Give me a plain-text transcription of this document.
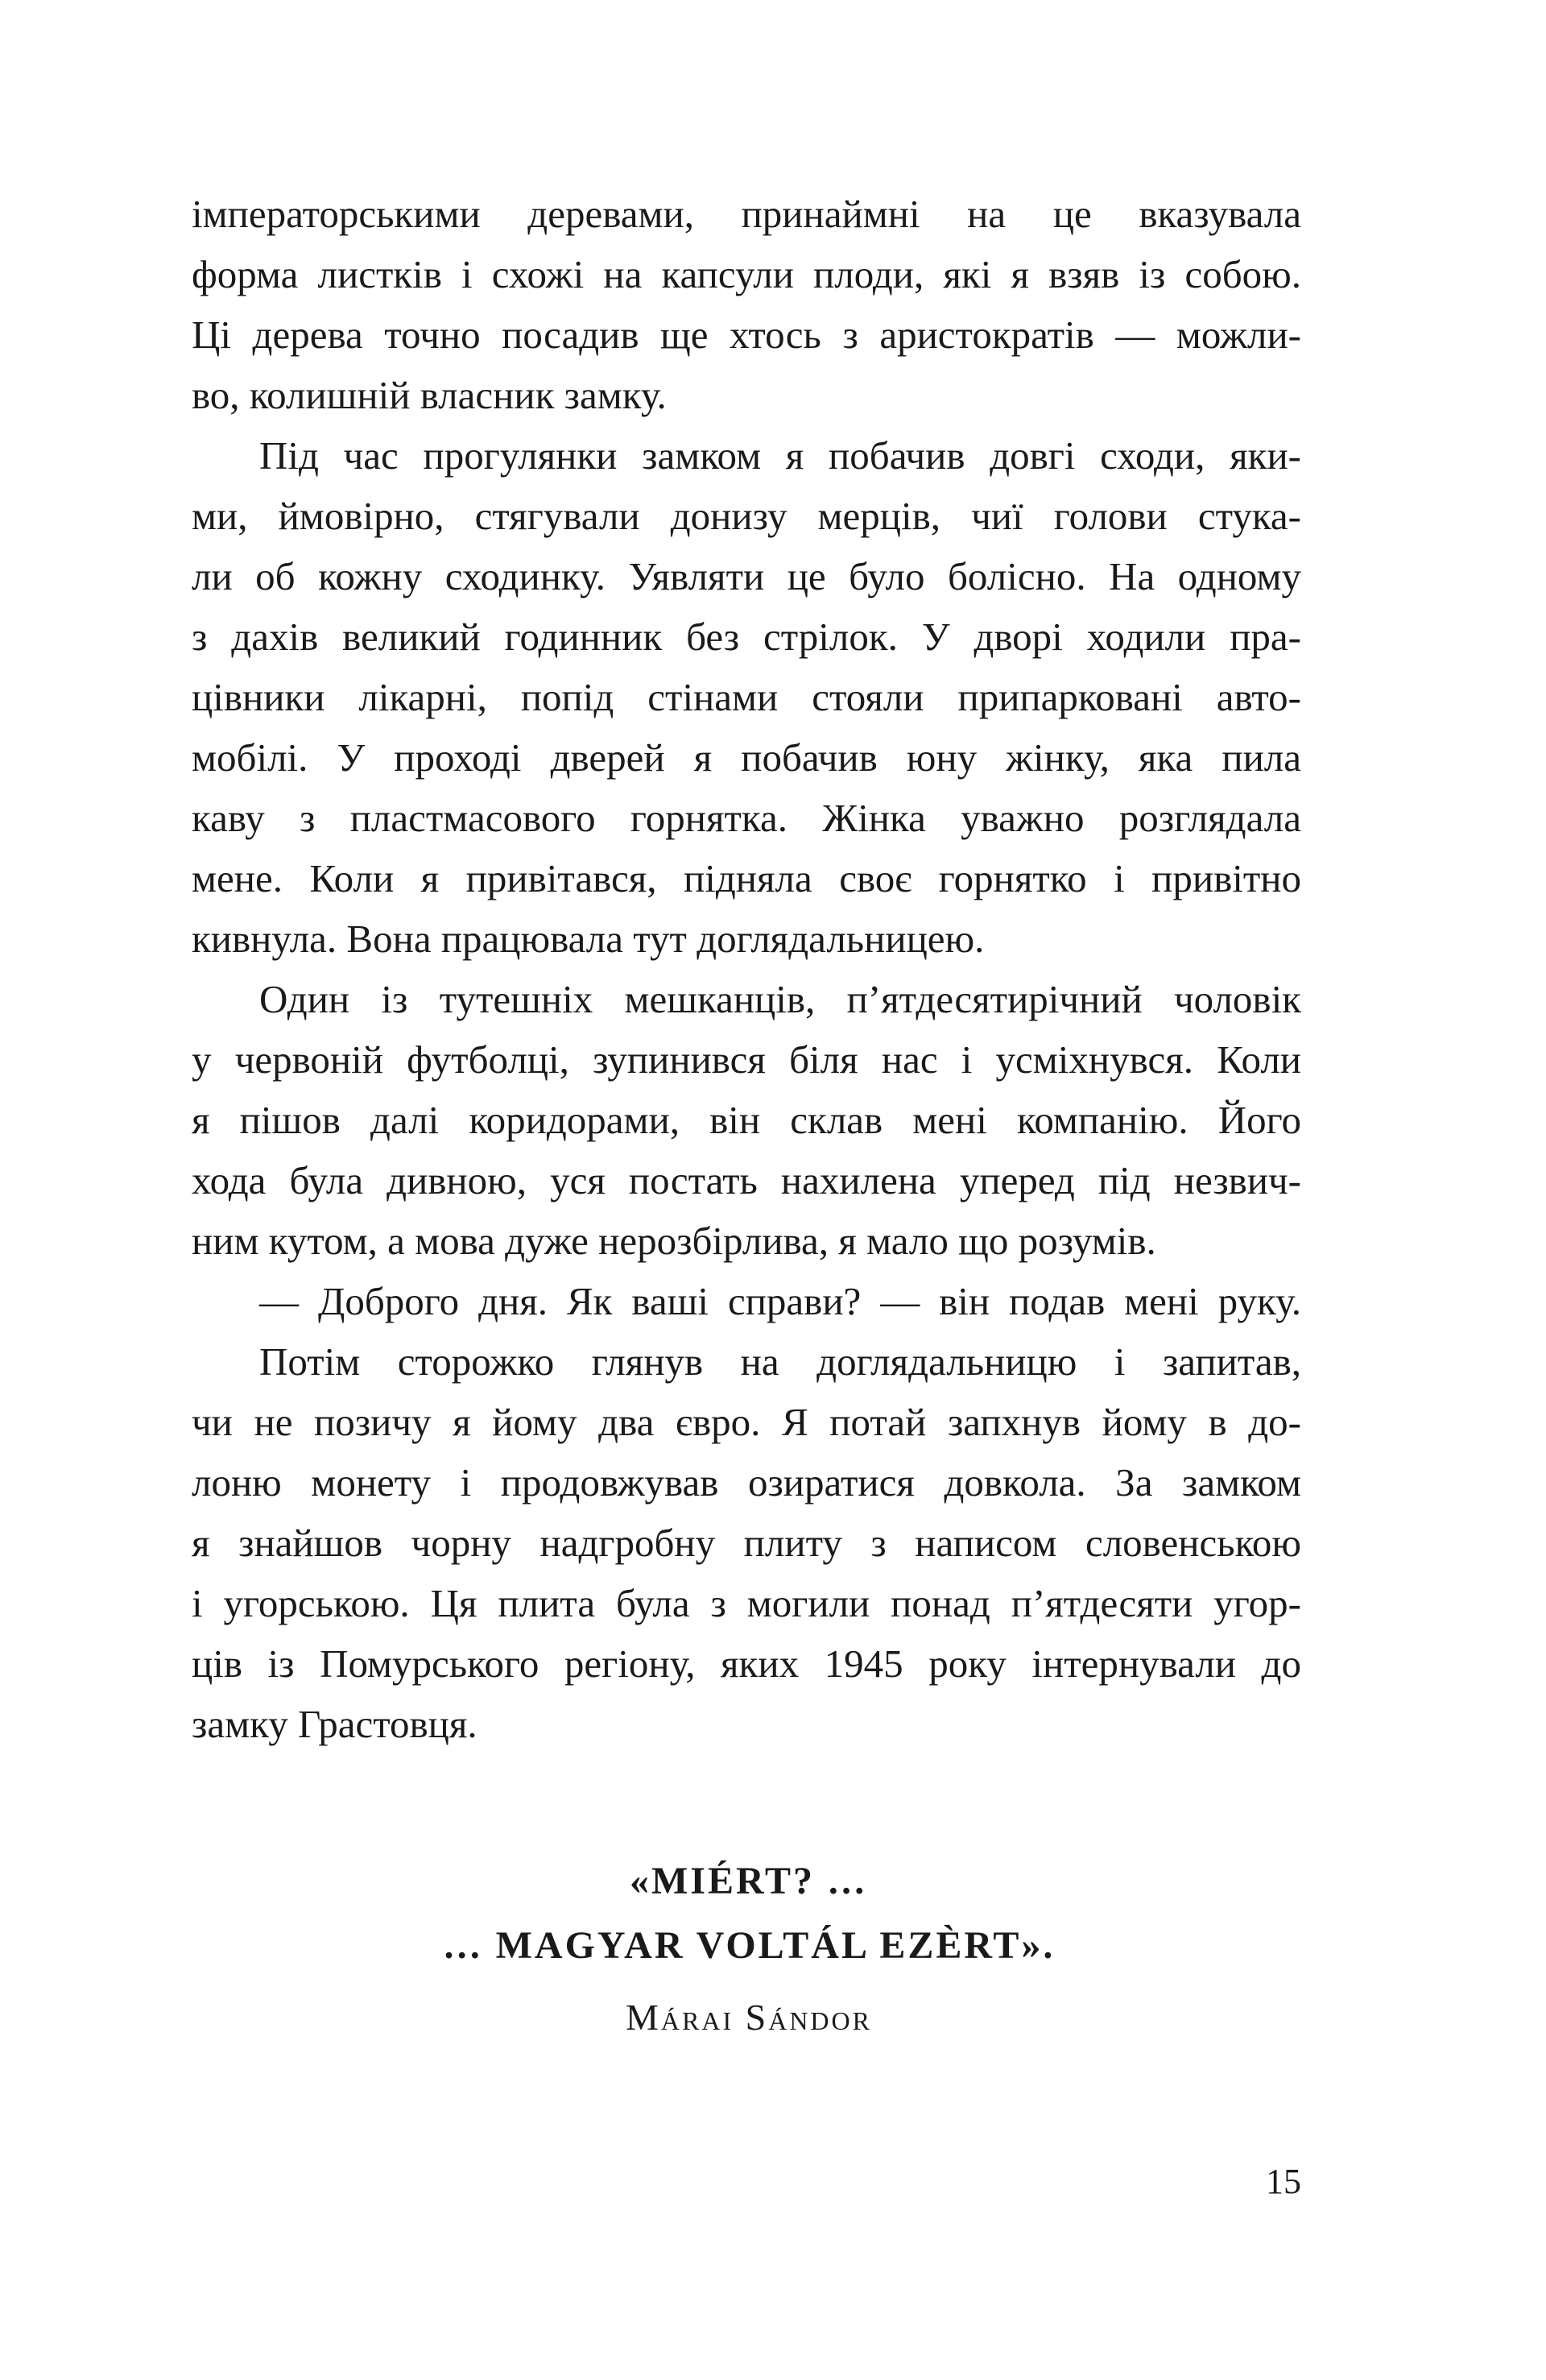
імператорськими деревами, принаймні на це вказувала
форма листків і схожі на капсули плоди, які я взяв із собою.
Ці дерева точно посадив ще хтось з аристократів — можли-
во, колишній власник замку.
Під час прогулянки замком я побачив довгі сходи, яки-
ми, ймовірно, стягували донизу мерців, чиї голови стука-
ли об кожну сходинку. Уявляти це було болісно. На одному
з дахів великий годинник без стрілок. У дворі ходили пра-
цівники лікарні, попід стінами стояли припарковані авто-
мобілі. У проході дверей я побачив юну жінку, яка пила
каву з пластмасового горнятка. Жінка уважно розглядала
мене. Коли я привітався, підняла своє горнятко і привітно
кивнула. Вона працювала тут доглядальницею.
Один із тутешніх мешканців, п’ятдесятирічний чоловік
у червоній футболці, зупинився біля нас і усміхнувся. Коли
я пішов далі коридорами, він склав мені компанію. Його
хода була дивною, уся постать нахилена уперед під незвич-
ним кутом, а мова дуже нерозбірлива, я мало що розумів.
— Доброго дня. Як ваші справи? — він подав мені руку.
Потім сторожко глянув на доглядальницю і запитав,
чи не позичу я йому два євро. Я потай запхнув йому в до-
лоню монету і продовжував озиратися довкола. За замком
я знайшов чорну надгробну плиту з написом словенською
і угорською. Ця плита була з могили понад п’ятдесяти угор-
ців із Помурського регіону, яких 1945 року інтернували до
замку Грастовця.
«MIÉRT? …
… MAGYAR VOLTÁL EZÈRT».
Márai Sándor
15
